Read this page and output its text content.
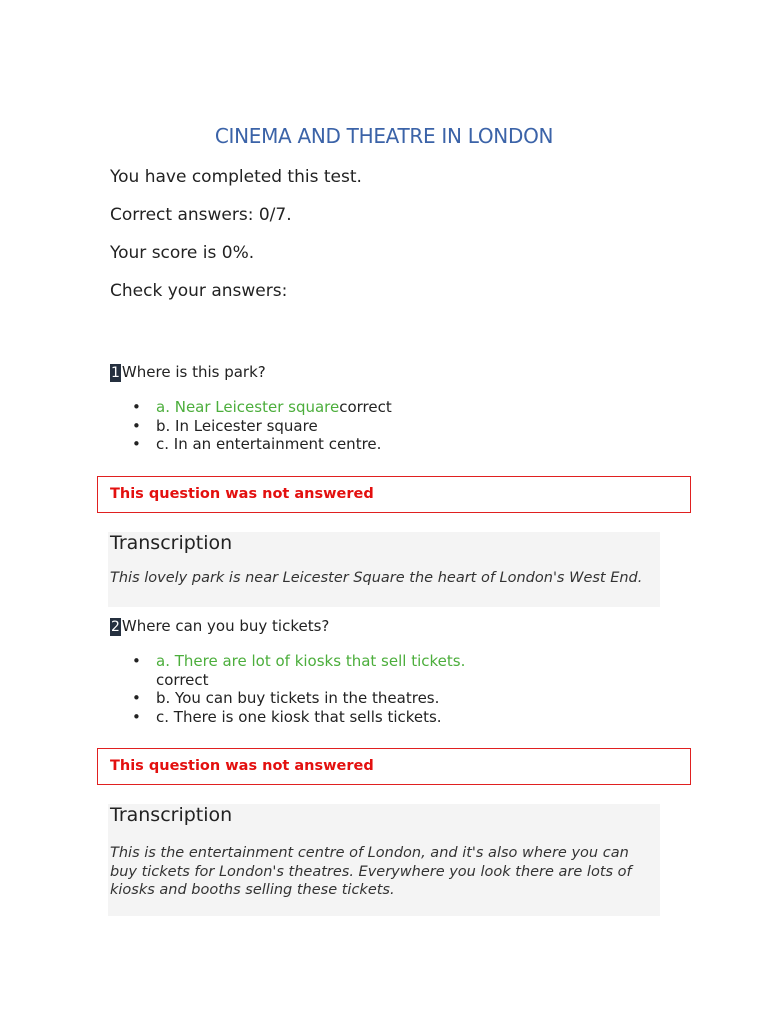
CINEMA AND THEATRE IN LONDON
You have completed this test.
Correct answers: 0/7.
Your score is 0%.
Check your answers:
1 Where is this park?
• a. Near Leicester squarecorrect
• b. In Leicester square
• c. In an entertainment centre.
This question was not answered
Transcription
This lovely park is near Leicester Square the heart of London's West End.
2 Where can you buy tickets?
• a. There are lot of kiosks that sell tickets.
correct
• b. You can buy tickets in the theatres.
• c. There is one kiosk that sells tickets.
This question was not answered
Transcription
This is the entertainment centre of London, and it's also where you can buy tickets for London's theatres. Everywhere you look there are lots of kiosks and booths selling these tickets.
